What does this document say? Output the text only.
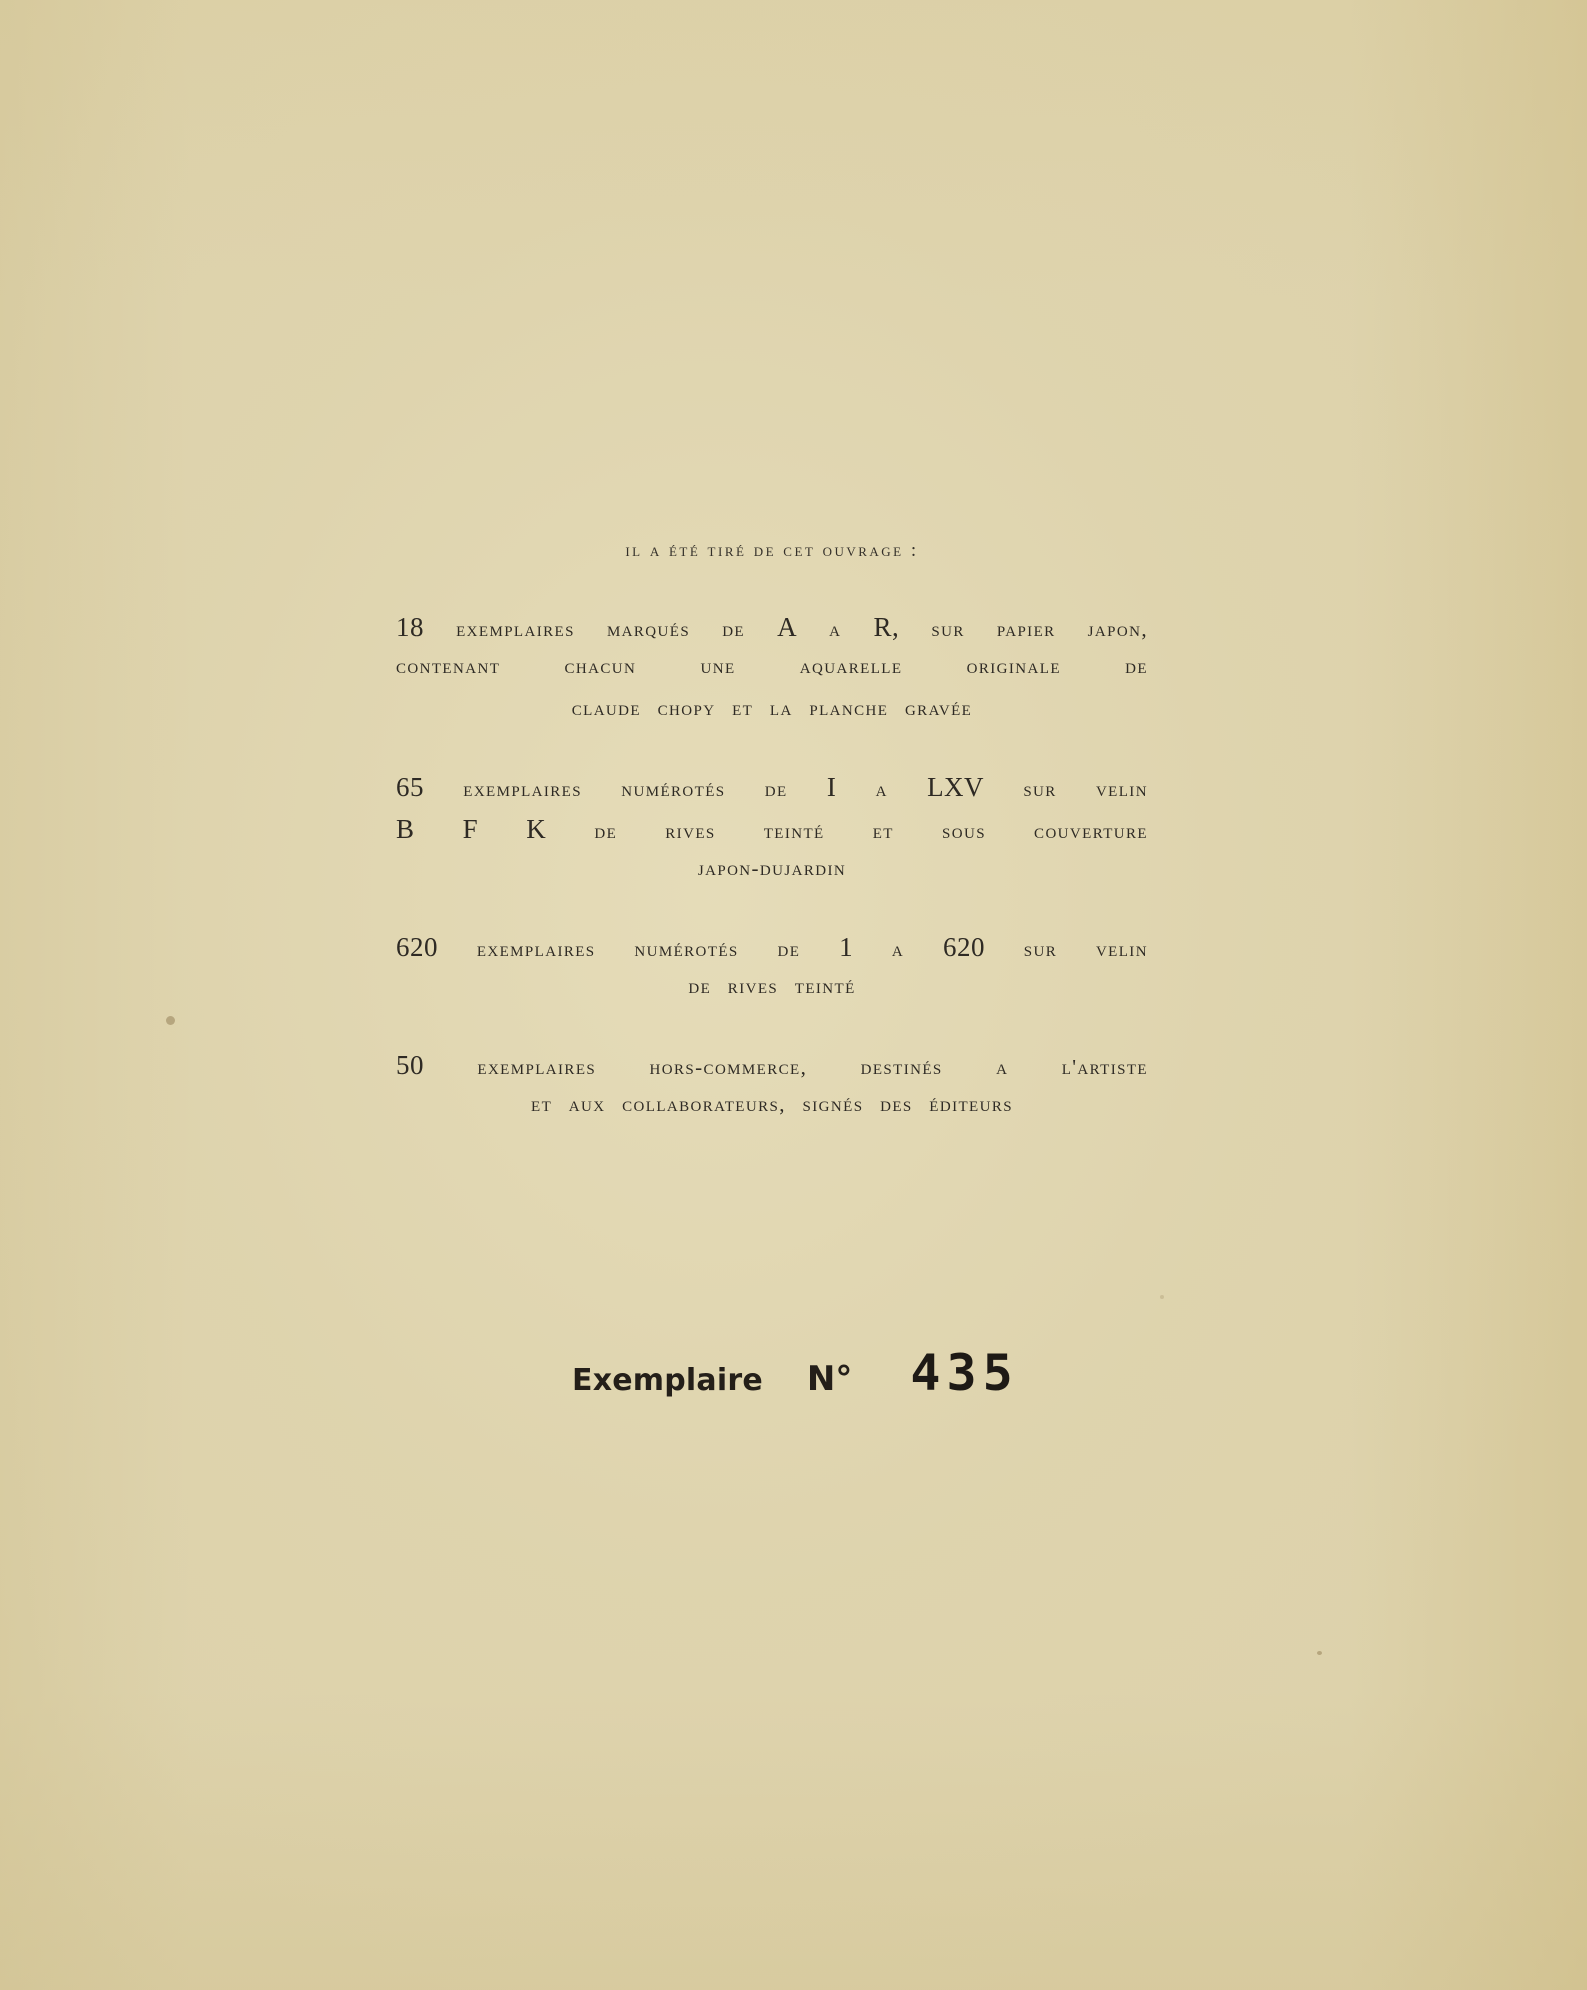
il a été tiré de cet ouvrage :
18 exemplaires marqués de A a R, sur papier japon,
contenant	chacun	une	aquarelle	originale	de
claude chopy et la planche gravée
65 exemplaires numérotés de I a LXV sur velin
B F K de rives teinté et sous couverture
japon-dujardin
620 exemplaires numérotés de 1 a 620 sur velin
de rives teinté
50	exemplaires	hors-commerce,	destinés	a	l'artiste
et aux collaborateurs, signés des éditeurs
Exemplaire N° 435
